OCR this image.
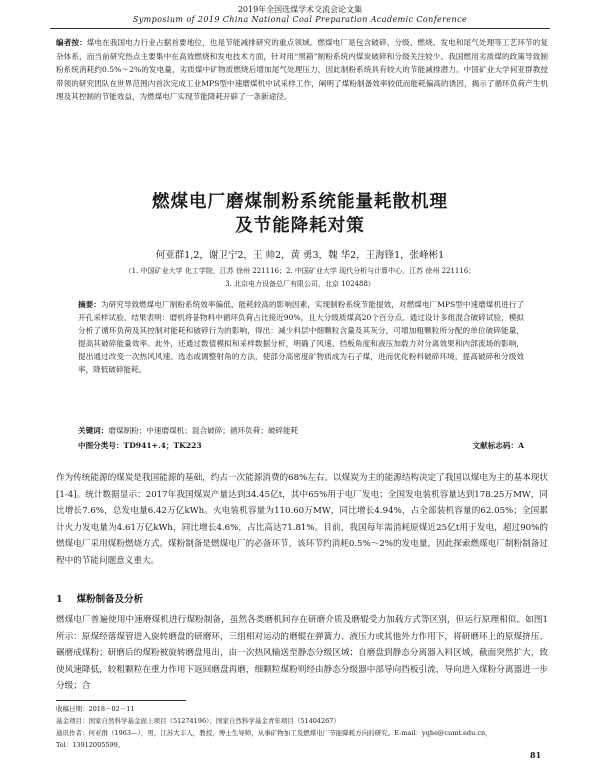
2019年全国选煤学术交流会论文集
Symposium of 2019 China National Coal Preparation Academic Conference
编者按：煤电在我国电力行业占据首要地位，也是节能减排研究的重点领域。燃煤电厂是包含破碎、分级、燃烧、发电和尾气处理等工艺环节的复杂体系，而当前研究热点主要集中在高效燃烧和发电技术方面，针对用“黑箱”制粉系统内煤炭破碎和分级关注较少。我国燃用劣质煤的政策导致制粉系统消耗约0.5%～2%的发电量，劣质煤中矿物质燃烧后增加尾气处理压力，因此制粉系统具有较大的节能减排潜力。中国矿业大学何亚群教授带领的研究团队在世界范围内首次完成工业MPS型中速磨煤机中试采样工作，阐明了煤粉制备效率较低而能耗偏高的诱因，揭示了循环负荷产生机理及其控制的节能效益，为燃煤电厂实现节能降耗开辟了一条新途径。
燃煤电厂磨煤制粉系统能量耗散机理
及节能降耗对策
何亚群1,2，谢卫宁2，王 帅2，黄 勇3，魏 华2，王海锋1，张峰彬1
（1. 中国矿业大学 化工学院，江苏 徐州 221116；2. 中国矿业大学 现代分析与计算中心，江苏 徐州 221116；
3. 北京电力设备总厂有限公司，北京 102488）
摘要：为研究导致燃煤电厂制粉系统效率偏低、能耗较高的影响因素，实现制粉系统节能提效，对燃煤电厂MPS型中速磨煤机进行了开孔采样试验，结果表明：磨机将붙物料中循环负荷占比接近90%，且大分级质煤高20个百分点。通过设计多组混合破碎试验，模拟分析了循环负荷及其控制对能耗和破碎行为的影响，得出：减少料层中细颗粒含量及其灰分，可增加粗颗粒所分配的单位破碎能量，提高其破碎能量效率。此外，还通过数值模拟和采样数据分析，明确了风速、挡板角度和液压加载力对分离效果和内部流场的影响，提出通过改变一次热风风速、选态或调整射角的方法，使部分高密度矿物质成为石子煤，进而优化粉料破碎环境，提高破碎和分级效率，降低破碎能耗。
关键词：磨煤制粉；中速磨煤机；混合破碎；循环负荷；破碎能耗
中图分类号：TD941+.4；TK223	文献标志码：A
作为传统能源的煤炭是我国能源的基础，约占一次能源消费的68%左右。以煤炭为主的能源结构决定了我国以煤电为主的基本现状[1-4]。统计数据显示：2017年我国煤炭产量达到34.45亿t，其中65%用于电厂发电；全国发电装机容量达到178.25万MW，同比增长7.6%，总发电量6.42万亿kWh。火电装机容量为110.60万MW，同比增长4.94%，占全部装机容量的62.05%；全国累计火力发电量为4.61万亿kWh，同比增长4.6%，占比高达71.81%。目前，我国每年需消耗原煤近25亿t用于发电，超过90%的燃煤电厂采用煤粉燃烧方式。煤粉制备是燃煤电厂的必备环节，该环节约消耗0.5%～2%的发电量，因此探索燃煤电厂制粉制备过程中的节能问题意义重大。
1 煤粉制备及分析
燃煤电厂普遍使用中速磨煤机进行煤粉制备，虽然各类磨机间存在研磨介质及磨辊受力加载方式等区别，但运行原理相似。如图1所示：原煤经落煤管进入旋转磨盘的研磨环，三组相对运动的磨辊在弹簧力、液压力或其他外力作用下，将研磨环上的原煤挤压、碾磨成煤粉；研磨后的煤粉被旋转磨盘甩出，由一次热风输送至静态分级区域；自磨盘到静态分离器入料区域，截面突然扩大，致使风速降低，较粗颗粒在重力作用下返回磨盘再磨，细颗粒煤粉则经由静态分级器中部导向挡板引流，导向进入煤粉分离器进一步分级；合
收稿日期：2018－02－11
基金项目：国家自然科学基金面上项目（51274196）；国家自然科学基金青年项目（51404267）
通讯作者：何亚群（1963—），男，江苏大丰人，教授，博士生导师，从事矿物加工及燃煤电厂节能降耗方向的研究。E-mail：yqhe@cumt.edu.cn，
Tel：13912005599。
81
